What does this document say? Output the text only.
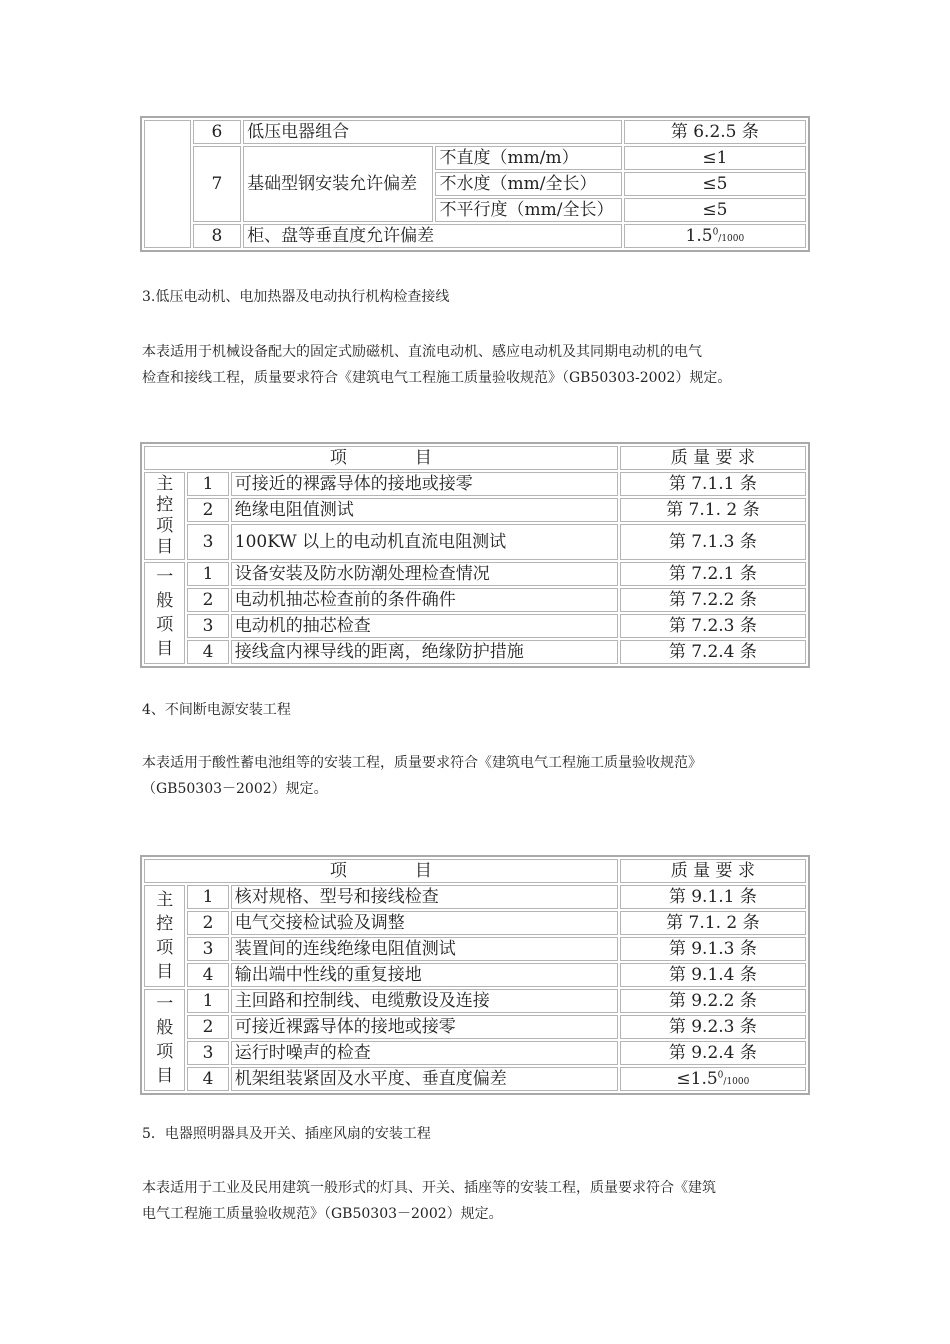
	6	低压电器组合		第 6.2.5 条
	7	基础型钢安装允许偏差	不直度（mm/m）	≤1
			不水度（mm/全长）	≤5
			不平行度（mm/全长）	≤5
	8	柜、盘等垂直度允许偏差		$1.5^0/1000$

3.低压电动机、电加热器及电动执行机构检查接线

本表适用于机械设备配大的固定式励磁机、直流电动机、感应电动机及其同期电动机的电气

检查和接线工程，质量要求符合《建筑电气工程施工质量验收规范》（GB50303-2002）规定。

项 目			质 量 要 求
主控项目	1	可接近的裸露导体的接地或接零	第 7.1.1 条
	2	绝缘电阻值测试	第 7.1. 2 条
	3	100KW 以上的电动机直流电阻测试	第 7.1.3 条
一般项目	1	设备安装及防水防潮处理检查情况	第 7.2.1 条
	2	电动机抽芯检查前的条件确件	第 7.2.2 条
	3	电动机的抽芯检查	第 7.2.3 条
	4	接线盒内裸导线的距离，绝缘防护措施	第 7.2.4 条

4、不间断电源安装工程

本表适用于酸性蓄电池组等的安装工程，质量要求符合《建筑电气工程施工质量验收规范》

（GB50303－2002）规定。

项 目			质 量 要 求
主控项目	1	核对规格、型号和接线检查	第 9.1.1 条
	2	电气交接检试验及调整	第 7.1. 2 条
	3	装置间的连线绝缘电阻值测试	第 9.1.3 条
	4	输出端中性线的重复接地	第 9.1.4 条
一般项目	1	主回路和控制线、电缆敷设及连接	第 9.2.2 条
	2	可接近裸露导体的接地或接零	第 9.2.3 条
	3	运行时噪声的检查	第 9.2.4 条
	4	机架组装紧固及水平度、垂直度偏差	$\le 1.5^0/1000$

5．电器照明器具及开关、插座风扇的安装工程

本表适用于工业及民用建筑一般形式的灯具、开关、插座等的安装工程，质量要求符合《建筑

电气工程施工质量验收规范》（GB50303－2002）规定。
